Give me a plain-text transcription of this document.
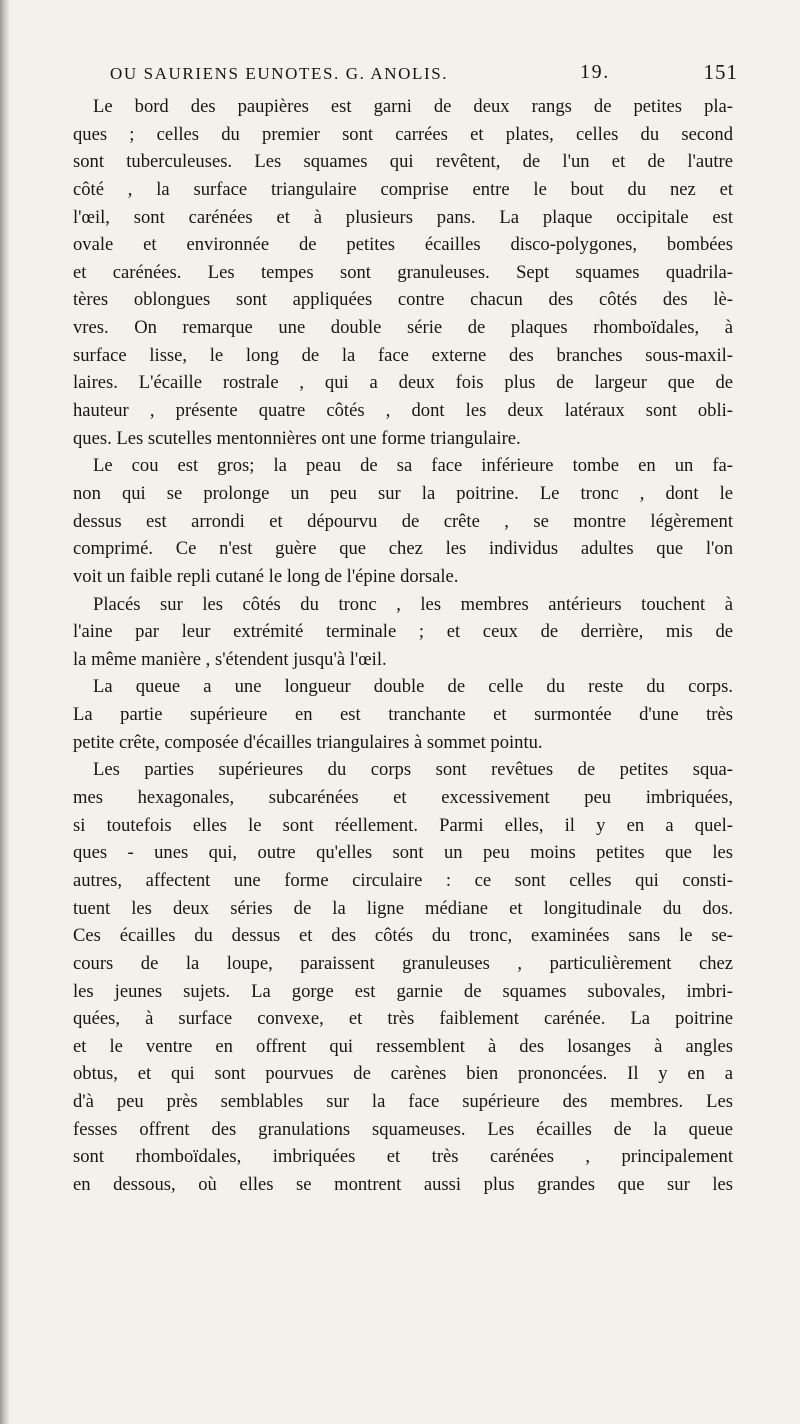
OU SAURIENS EUNOTES. G. ANOLIS.	19.	151
Le bord des paupières est garni de deux rangs de petites pla-
ques ; celles du premier sont carrées et plates, celles du second
sont tuberculeuses. Les squames qui revêtent, de l'un et de l'autre
côté , la surface triangulaire comprise entre le bout du nez et
l'œil, sont carénées et à plusieurs pans. La plaque occipitale est
ovale et environnée de petites écailles disco-polygones, bombées
et carénées. Les tempes sont granuleuses. Sept squames quadrila-
tères oblongues sont appliquées contre chacun des côtés des lè-
vres. On remarque une double série de plaques rhomboïdales, à
surface lisse, le long de la face externe des branches sous-maxil-
laires. L'écaille rostrale , qui a deux fois plus de largeur que de
hauteur , présente quatre côtés , dont les deux latéraux sont obli-
ques. Les scutelles mentonnières ont une forme triangulaire.
Le cou est gros; la peau de sa face inférieure tombe en un fa-
non qui se prolonge un peu sur la poitrine. Le tronc , dont le
dessus est arrondi et dépourvu de crête , se montre légèrement
comprimé. Ce n'est guère que chez les individus adultes que l'on
voit un faible repli cutané le long de l'épine dorsale.
Placés sur les côtés du tronc , les membres antérieurs touchent à
l'aine par leur extrémité terminale ; et ceux de derrière, mis de
la même manière , s'étendent jusqu'à l'œil.
La queue a une longueur double de celle du reste du corps.
La partie supérieure en est tranchante et surmontée d'une très
petite crête, composée d'écailles triangulaires à sommet pointu.
Les parties supérieures du corps sont revêtues de petites squa-
mes hexagonales, subcarénées et excessivement peu imbriquées,
si toutefois elles le sont réellement. Parmi elles, il y en a quel-
ques - unes qui, outre qu'elles sont un peu moins petites que les
autres, affectent une forme circulaire : ce sont celles qui consti-
tuent les deux séries de la ligne médiane et longitudinale du dos.
Ces écailles du dessus et des côtés du tronc, examinées sans le se-
cours de la loupe, paraissent granuleuses , particulièrement chez
les jeunes sujets. La gorge est garnie de squames subovales, imbri-
quées, à surface convexe, et très faiblement carénée. La poitrine
et le ventre en offrent qui ressemblent à des losanges à angles
obtus, et qui sont pourvues de carènes bien prononcées. Il y en a
d'à peu près semblables sur la face supérieure des membres. Les
fesses offrent des granulations squameuses. Les écailles de la queue
sont rhomboïdales, imbriquées et très carénées , principalement
en dessous, où elles se montrent aussi plus grandes que sur les
